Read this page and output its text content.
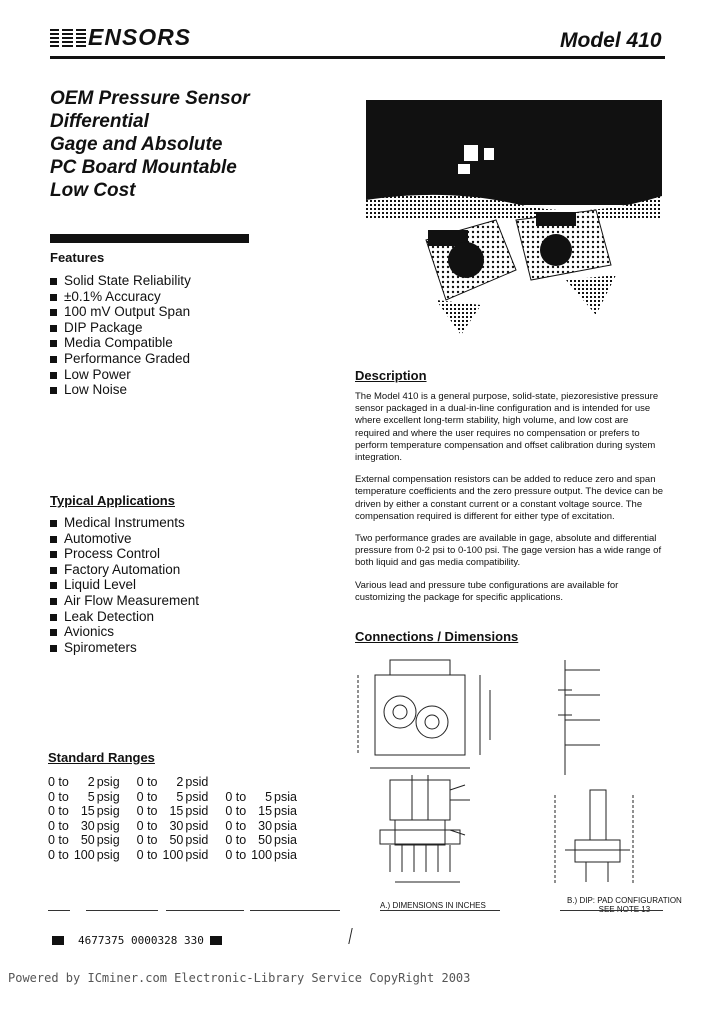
ENSORS	Model 410
OEM Pressure Sensor
Differential
Gage and Absolute
PC Board Mountable
Low Cost
Features
Solid State Reliability
±0.1% Accuracy
100 mV Output Span
DIP Package
Media Compatible
Performance Graded
Low Power
Low Noise
Typical Applications
Medical Instruments
Automotive
Process Control
Factory Automation
Liquid Level
Air Flow Measurement
Leak Detection
Avionics
Spirometers
Description

The Model 410 is a general purpose, solid-state, piezoresistive pressure sensor packaged in a dual-in-line configuration and is intended for use where excellent long-term stability, high volume, and low cost are required and where the user requires no compensation or prefers to perform temperature compensation and offset calibration during system integration.

External compensation resistors can be added to reduce zero and span temperature coefficients and the zero pressure output. The device can be driven by either a constant current or a constant voltage source. The compensation required is different for either type of excitation.

Two performance grades are available in gage, absolute and differential pressure from 0-2 psi to 0-100 psi. The gage version has a wide range of both liquid and gas media compatibility.

Various lead and pressure tube configurations are available for customizing the package for specific applications.

Connections / Dimensions
A.) DIMENSIONS IN INCHES
B.) DIP: PAD CONFIGURATION
Standard Ranges
0 to	2	psig	0 to	2	psid			
0 to	5	psig	0 to	5	psid	0 to	5	psia
0 to	15	psig	0 to	15	psid	0 to	15	psia
0 to	30	psig	0 to	30	psid	0 to	30	psia
0 to	50	psig	0 to	50	psid	0 to	50	psia
0 to	100	psig	0 to	100	psid	0 to	100	psia
4677375 0000328 330
Powered by ICminer.com Electronic-Library Service CopyRight 2003
